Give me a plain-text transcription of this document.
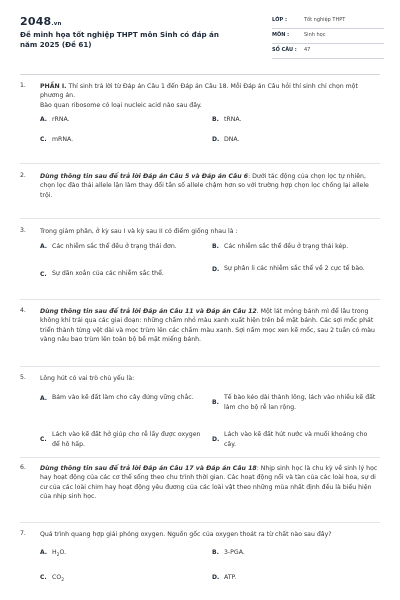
2048.vn
Đề minh họa tốt nghiệp THPT môn Sinh có đáp án năm 2025 (Đề 61)
LỚP :	Tốt nghiệp THPT
MÔN :	Sinh học
SỐ CÂU :	47
1.	PHẦN I. Thí sinh trả lời từ Đáp án Câu 1 đến Đáp án Câu 18. Mỗi Đáp án Câu hỏi thí sinh chỉ chọn một phương án.
Bào quan ribosome có loại nucleic acid nào sau đây.
A. rRNA.	B. tRNA.
C. mRNA.	D. DNA.
2.	Dùng thông tin sau để trả lời Đáp án Câu 5 và Đáp án Câu 6: Dưới tác động của chọn lọc tự nhiên, chọn lọc đào thải allele lặn làm thay đổi tần số allele chậm hơn so với trường hợp chọn lọc chống lại allele trội.
3.	Trong giảm phân, ở kỳ sau I và kỳ sau II có điểm giống nhau là :
A. Các nhiễm sắc thể đều ở trạng thái đơn.	B. Các nhiễm sắc thể đều ở trạng thái kép.
C. Sự dãn xoắn của các nhiễm sắc thể.
D. Sự phân li các nhiễm sắc thể về 2 cực tế bào.
4.	Dùng thông tin sau để trả lời Đáp án Câu 11 và Đáp án Câu 12. Một lát mỏng bánh mì để lâu trong không khí trải qua các giai đoạn: những chấm nhỏ màu xanh xuất hiện trên bề mặt bánh. Các sợi mốc phát triển thành từng vệt dài và mọc trùm lên các chấm màu xanh. Sợi nấm mọc xen kẽ mốc, sau 2 tuần có màu vàng nâu bao trùm lên toàn bộ bề mặt miếng bánh.
5.	Lông hút có vai trò chủ yếu là:
A. Bám vào kẽ đất làm cho cây đứng vững chắc.
B.
Tế bào kéo dài thành lông, lách vào nhiều kẽ đất làm cho bộ rễ lan rộng.
C.
Lách vào kẽ đất hở giúp cho rễ lấy được oxygen để hô hấp.
D.
Lách vào kẽ đất hút nước và muối khoáng cho cây.
6.	Dùng thông tin sau để trả lời Đáp án Câu 17 và Đáp án Câu 18: Nhịp sinh học là chu kỳ về sinh lý học hay hoạt động của các cơ thể sống theo chu trình thời gian. Các hoạt động nổi và tàn của các loài hoa, sự di cư của các loài chim hay hoạt động yêu đương của các loài vật theo những mùa nhất định đều là biểu hiện của nhịp sinh học.
7.	Quá trình quang hợp giải phóng oxygen. Nguồn gốc của oxygen thoát ra từ chất nào sau đây?
A. $H_2O$.	B. 3-PGA.
C. $CO_2$	D. ATP.
